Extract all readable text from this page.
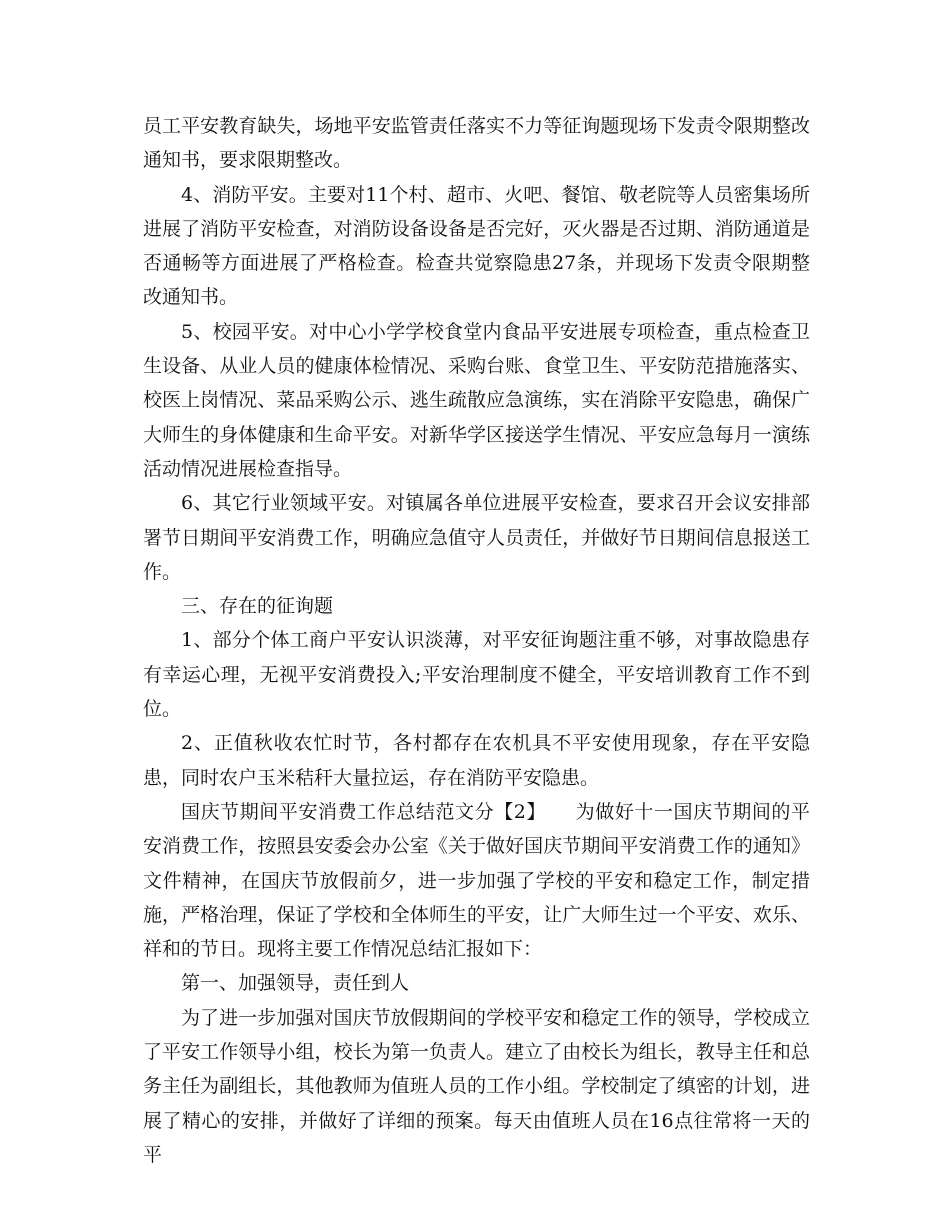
员工平安教育缺失，场地平安监管责任落实不力等征询题现场下发责令限期整改通知书，要求限期整改。

4、消防平安。主要对11个村、超市、火吧、餐馆、敬老院等人员密集场所进展了消防平安检查，对消防设备设备是否完好，灭火器是否过期、消防通道是否通畅等方面进展了严格检查。检查共觉察隐患27条，并现场下发责令限期整改通知书。

5、校园平安。对中心小学学校食堂内食品平安进展专项检查，重点检查卫生设备、从业人员的健康体检情况、采购台账、食堂卫生、平安防范措施落实、校医上岗情况、菜品采购公示、逃生疏散应急演练，实在消除平安隐患，确保广大师生的身体健康和生命平安。对新华学区接送学生情况、平安应急每月一演练活动情况进展检查指导。

6、其它行业领域平安。对镇属各单位进展平安检查，要求召开会议安排部署节日期间平安消费工作，明确应急值守人员责任，并做好节日期间信息报送工作。

三、存在的征询题

1、部分个体工商户平安认识淡薄，对平安征询题注重不够，对事故隐患存有幸运心理，无视平安消费投入;平安治理制度不健全，平安培训教育工作不到位。

2、正值秋收农忙时节，各村都存在农机具不平安使用现象，存在平安隐患，同时农户玉米秸秆大量拉运，存在消防平安隐患。

国庆节期间平安消费工作总结范文分【2】　　为做好十一国庆节期间的平安消费工作，按照县安委会办公室《关于做好国庆节期间平安消费工作的通知》文件精神，在国庆节放假前夕，进一步加强了学校的平安和稳定工作，制定措施，严格治理，保证了学校和全体师生的平安，让广大师生过一个平安、欢乐、祥和的节日。现将主要工作情况总结汇报如下：

第一、加强领导，责任到人

为了进一步加强对国庆节放假期间的学校平安和稳定工作的领导，学校成立了平安工作领导小组，校长为第一负责人。建立了由校长为组长，教导主任和总务主任为副组长，其他教师为值班人员的工作小组。学校制定了缜密的计划，进展了精心的安排，并做好了详细的预案。每天由值班人员在16点往常将一天的平
